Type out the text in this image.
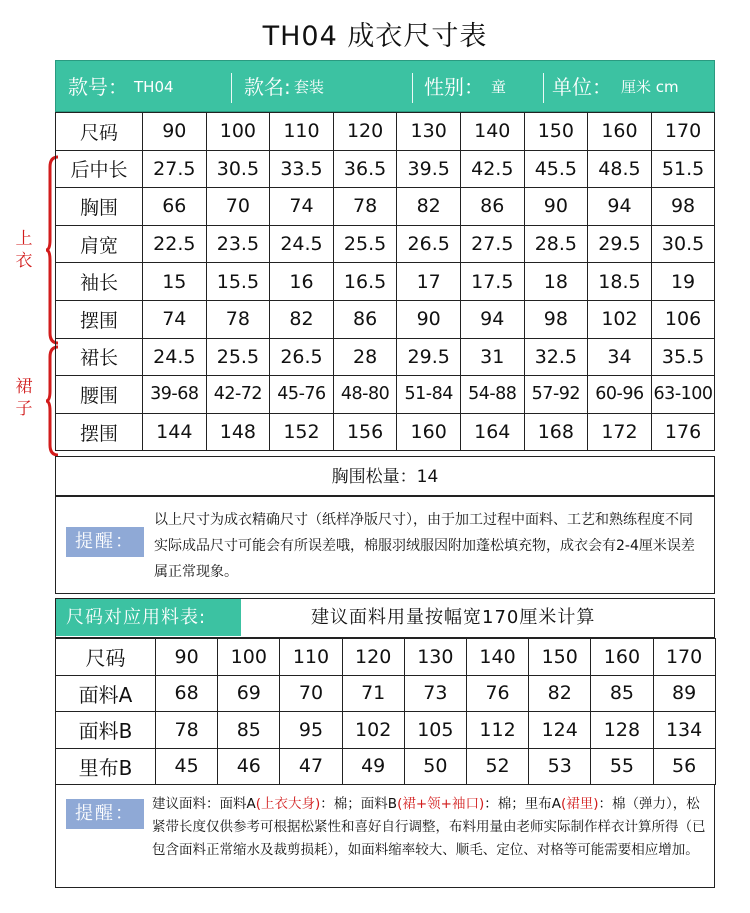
TH04 成衣尺寸表
款号： TH04	款名: 套装	性别： 童 单位： 厘米 cm
上
衣
裙
子
尺码	90	100	110	120	130	140	150	160	170
后中长	27.5	30.5	33.5	36.5	39.5	42.5	45.5	48.5	51.5
胸围	66	70	74	78	82	86	90	94	98
肩宽	22.5	23.5	24.5	25.5	26.5	27.5	28.5	29.5	30.5
袖长	15	15.5	16	16.5	17	17.5	18	18.5	19
摆围	74	78	82	86	90	94	98	102	106
裙长	24.5	25.5	26.5	28	29.5	31	32.5	34	35.5
腰围	39-68	42-72	45-76	48-80	51-84	54-88	57-92	60-96	63-100
摆围	144	148	152	156	160	164	168	172	176
胸围松量：14
提醒：
以上尺寸为成衣精确尺寸（纸样净版尺寸），由于加工过程中面料、工艺和熟练程度不同实际成品尺寸可能会有所误差哦，棉服羽绒服因附加蓬松填充物，成衣会有2-4厘米误差属正常现象。
尺码对应用料表:	建议面料用量按幅宽170厘米计算
尺码	90	100	110	120	130	140	150	160	170
面料A	68	69	70	71	73	76	82	85	89
面料B	78	85	95	102	105	112	124	128	134
里布B	45	46	47	49	50	52	53	55	56
提醒：	建议面料：面料A(上衣大身)：棉；面料B(裙+领+袖口)：棉；里布A(裙里)：棉（弹力），松紧带长度仅供参考可根据松紧性和喜好自行调整，布料用量由老师实际制作样衣计算所得（已包含面料正常缩水及裁剪损耗），如面料缩率较大、顺毛、定位、对格等可能需要相应增加。
